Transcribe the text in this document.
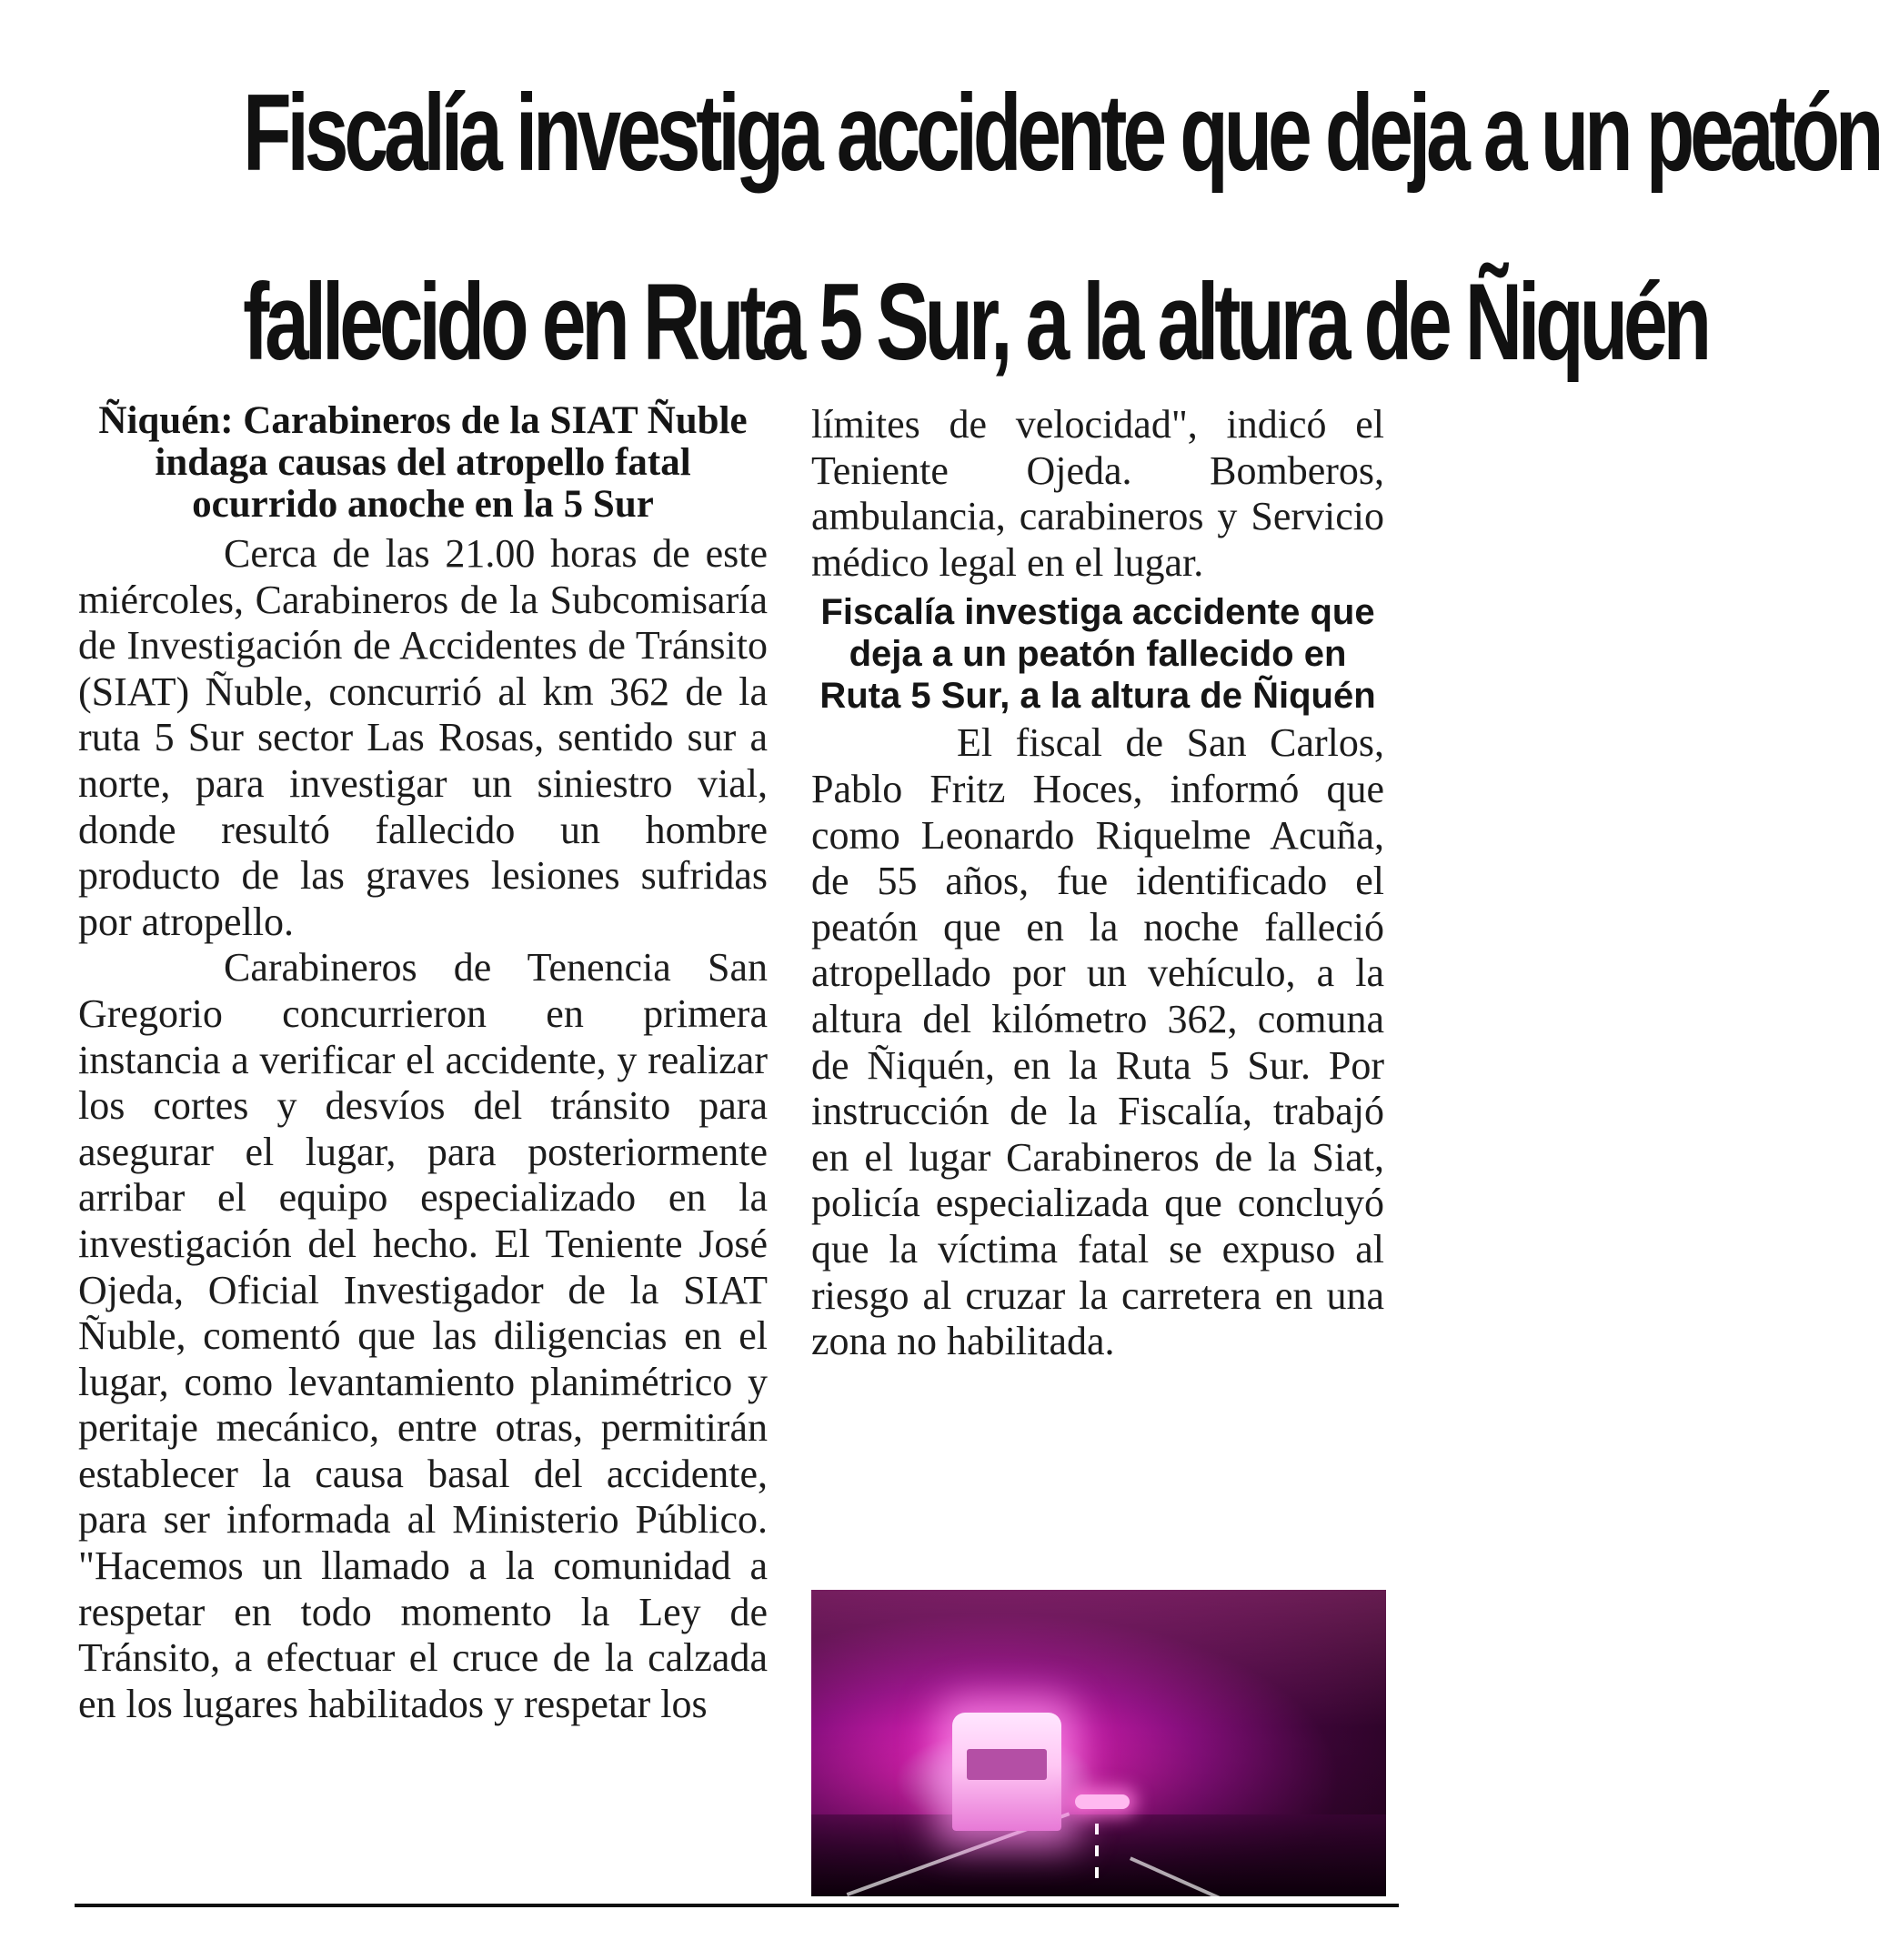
Fiscalía investiga accidente que deja a un peatón
fallecido en Ruta 5 Sur, a la altura de Ñiquén
Ñiquén: Carabineros de la SIAT Ñuble indaga causas del atropello fatal ocurrido anoche en la 5 Sur

Cerca de las 21.00 horas de este miércoles, Carabineros de la Subcomisaría de Investigación de Accidentes de Tránsito (SIAT) Ñuble, concurrió al km 362 de la ruta 5 Sur sector Las Rosas, sentido sur a norte, para investigar un siniestro vial, donde resultó fallecido un hombre producto de las graves lesiones sufridas por atropello.

Carabineros de Tenencia San Gregorio concurrieron en primera instancia a verificar el accidente, y realizar los cortes y desvíos del tránsito para asegurar el lugar, para posteriormente arribar el equipo especializado en la investigación del hecho. El Teniente José Ojeda, Oficial Investigador de la SIAT Ñuble, comentó que las diligencias en el lugar, como levantamiento planimétrico y peritaje mecánico, entre otras, permitirán establecer la causa basal del accidente, para ser informada al Ministerio Público. "Hacemos un llamado a la comunidad a respetar en todo momento la Ley de Tránsito, a efectuar el cruce de la calzada en los lugares habilitados y respetar los

límites de velocidad", indicó el Teniente Ojeda. Bomberos, ambulancia, carabineros y Servicio médico legal en el lugar.

Fiscalía investiga accidente que deja a un peatón fallecido en Ruta 5 Sur, a la altura de Ñiquén

El fiscal de San Carlos, Pablo Fritz Hoces, informó que como Leonardo Riquelme Acuña, de 55 años, fue identificado el peatón que en la noche falleció atropellado por un vehículo, a la altura del kilómetro 362, comuna de Ñiquén, en la Ruta 5 Sur. Por instrucción de la Fiscalía, trabajó en el lugar Carabineros de la Siat, policía especializada que concluyó que la víctima fatal se expuso al riesgo al cruzar la carretera en una zona no habilitada.
